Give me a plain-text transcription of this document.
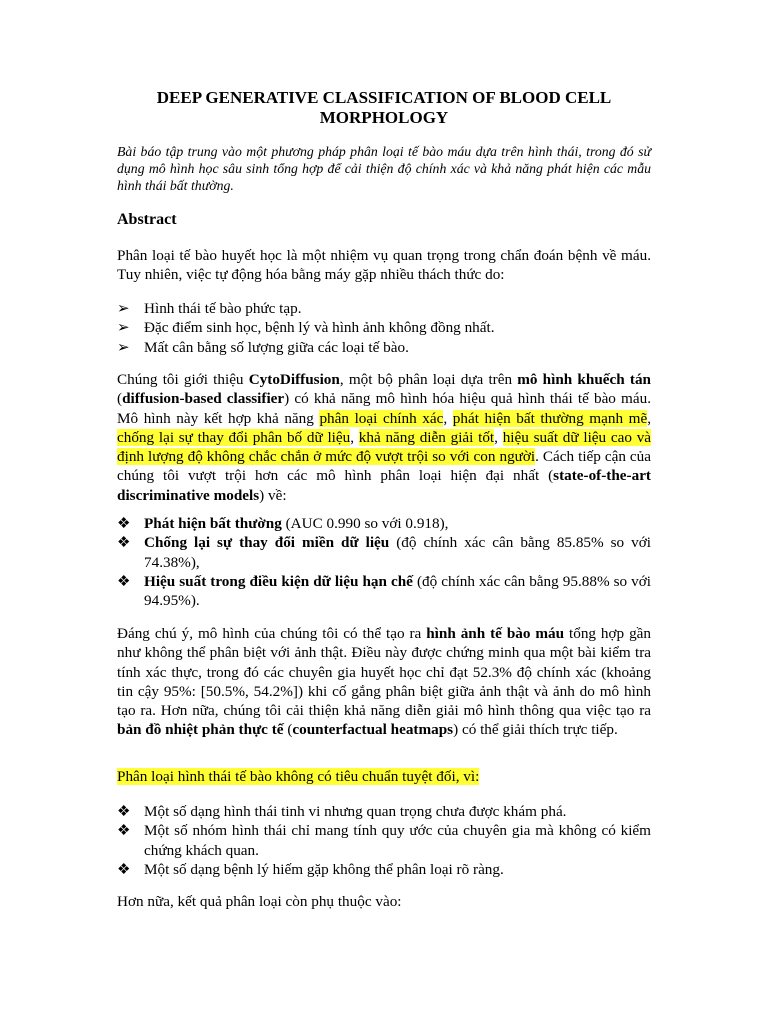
DEEP GENERATIVE CLASSIFICATION OF BLOOD CELL MORPHOLOGY
Bài báo tập trung vào một phương pháp phân loại tế bào máu dựa trên hình thái, trong đó sử dụng mô hình học sâu sinh tổng hợp để cải thiện độ chính xác và khả năng phát hiện các mẫu hình thái bất thường.
Abstract
Phân loại tế bào huyết học là một nhiệm vụ quan trọng trong chẩn đoán bệnh về máu. Tuy nhiên, việc tự động hóa bằng máy gặp nhiều thách thức do:
➢ Hình thái tế bào phức tạp.
➢ Đặc điểm sinh học, bệnh lý và hình ảnh không đồng nhất.
➢ Mất cân bằng số lượng giữa các loại tế bào.
Chúng tôi giới thiệu CytoDiffusion, một bộ phân loại dựa trên mô hình khuếch tán (diffusion-based classifier) có khả năng mô hình hóa hiệu quả hình thái tế bào máu. Mô hình này kết hợp khả năng phân loại chính xác, phát hiện bất thường mạnh mẽ, chống lại sự thay đổi phân bố dữ liệu, khả năng diễn giải tốt, hiệu suất dữ liệu cao và định lượng độ không chắc chắn ở mức độ vượt trội so với con người. Cách tiếp cận của chúng tôi vượt trội hơn các mô hình phân loại hiện đại nhất (state-of-the-art discriminative models) về:
❖ Phát hiện bất thường (AUC 0.990 so với 0.918),
❖ Chống lại sự thay đổi miền dữ liệu (độ chính xác cân bằng 85.85% so với 74.38%),
❖ Hiệu suất trong điều kiện dữ liệu hạn chế (độ chính xác cân bằng 95.88% so với 94.95%).
Đáng chú ý, mô hình của chúng tôi có thể tạo ra hình ảnh tế bào máu tổng hợp gần như không thể phân biệt với ảnh thật. Điều này được chứng minh qua một bài kiểm tra tính xác thực, trong đó các chuyên gia huyết học chỉ đạt 52.3% độ chính xác (khoảng tin cậy 95%: [50.5%, 54.2%]) khi cố gắng phân biệt giữa ảnh thật và ảnh do mô hình tạo ra. Hơn nữa, chúng tôi cải thiện khả năng diễn giải mô hình thông qua việc tạo ra bản đồ nhiệt phản thực tế (counterfactual heatmaps) có thể giải thích trực tiếp.
Phân loại hình thái tế bào không có tiêu chuẩn tuyệt đối, vì:
❖ Một số dạng hình thái tinh vi nhưng quan trọng chưa được khám phá.
❖ Một số nhóm hình thái chỉ mang tính quy ước của chuyên gia mà không có kiểm chứng khách quan.
❖ Một số dạng bệnh lý hiếm gặp không thể phân loại rõ ràng.
Hơn nữa, kết quả phân loại còn phụ thuộc vào:
